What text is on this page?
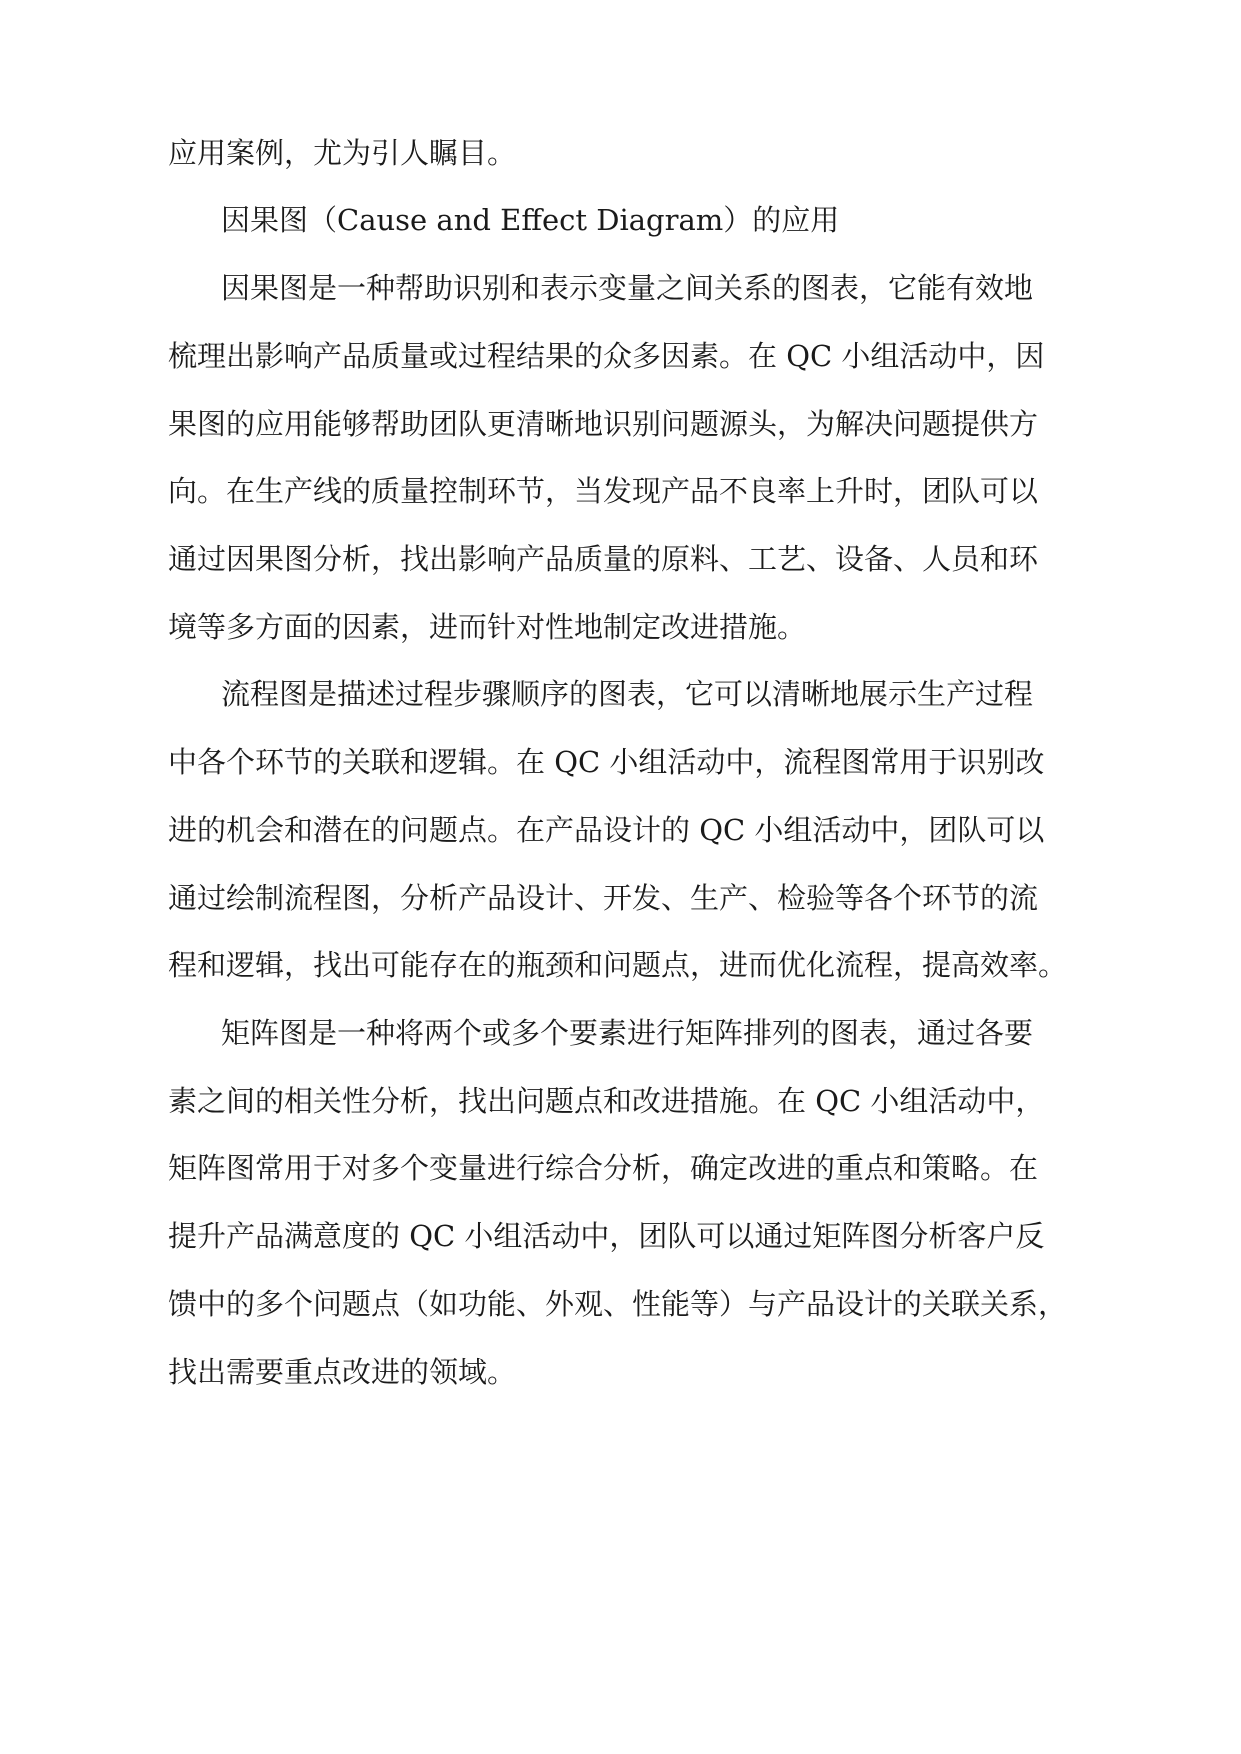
应用案例，尤为引人瞩目。

因果图（Cause and Effect Diagram）的应用

因果图是一种帮助识别和表示变量之间关系的图表，它能有效地

梳理出影响产品质量或过程结果的众多因素。在 QC 小组活动中，因

果图的应用能够帮助团队更清晰地识别问题源头，为解决问题提供方

向。在生产线的质量控制环节，当发现产品不良率上升时，团队可以

通过因果图分析，找出影响产品质量的原料、工艺、设备、人员和环

境等多方面的因素，进而针对性地制定改进措施。

流程图是描述过程步骤顺序的图表，它可以清晰地展示生产过程

中各个环节的关联和逻辑。在 QC 小组活动中，流程图常用于识别改

进的机会和潜在的问题点。在产品设计的 QC 小组活动中，团队可以

通过绘制流程图，分析产品设计、开发、生产、检验等各个环节的流

程和逻辑，找出可能存在的瓶颈和问题点，进而优化流程，提高效率。

矩阵图是一种将两个或多个要素进行矩阵排列的图表，通过各要

素之间的相关性分析，找出问题点和改进措施。在 QC 小组活动中，

矩阵图常用于对多个变量进行综合分析，确定改进的重点和策略。在

提升产品满意度的 QC 小组活动中，团队可以通过矩阵图分析客户反

馈中的多个问题点（如功能、外观、性能等）与产品设计的关联关系，

找出需要重点改进的领域。
